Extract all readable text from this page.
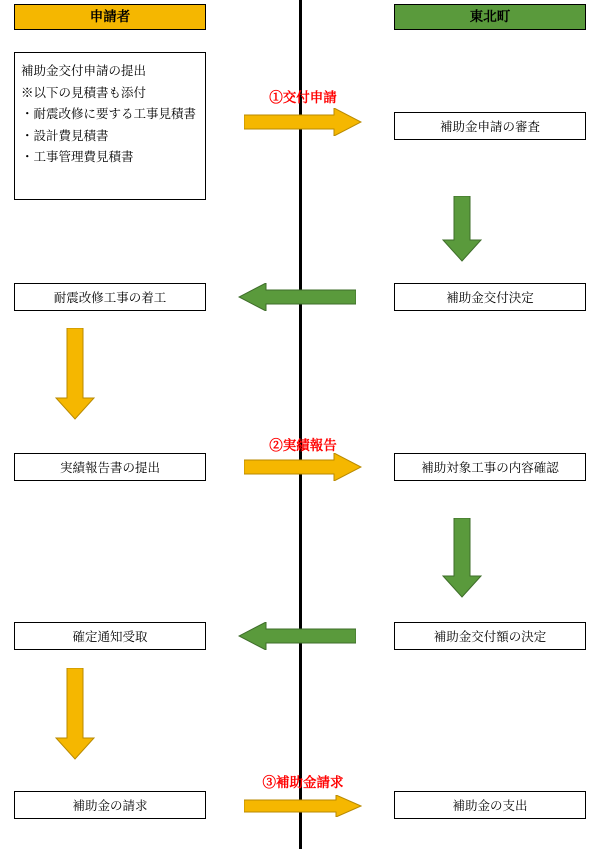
申請者	東北町
補助金交付申請の提出
※以下の見積書も添付
・耐震改修に要する工事見積書
・設計費見積書
・工事管理費見積書
①交付申請
補助金申請の審査
耐震改修工事の着工	補助金交付決定
②実績報告
実績報告書の提出	補助対象工事の内容確認
確定通知受取	補助金交付額の決定
③補助金請求
補助金の請求	補助金の支出
